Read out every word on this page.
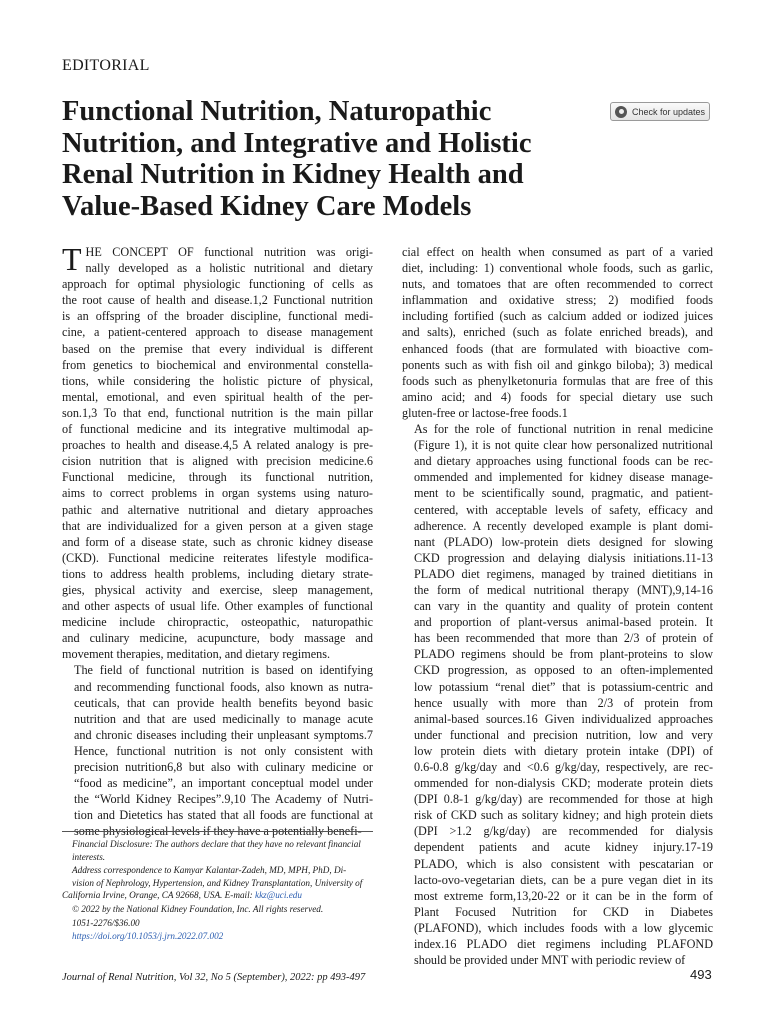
EDITORIAL
Functional Nutrition, Naturopathic
Nutrition, and Integrative and Holistic
Renal Nutrition in Kidney Health and
Value-Based Kidney Care Models
Check for updates

T HE CONCEPT OF functional nutrition was origi-
nally developed as a holistic nutritional and dietary
approach for optimal physiologic functioning of cells as
the root cause of health and disease.1,2 Functional nutrition
is an offspring of the broader discipline, functional medi-
cine, a patient-centered approach to disease management
based on the premise that every individual is different
from genetics to biochemical and environmental constella-
tions, while considering the holistic picture of physical,
mental, emotional, and even spiritual health of the per-
son.1,3 To that end, functional nutrition is the main pillar
of functional medicine and its integrative multimodal ap-
proaches to health and disease.4,5 A related analogy is pre-
cision nutrition that is aligned with precision medicine.6
Functional medicine, through its functional nutrition,
aims to correct problems in organ systems using naturo-
pathic and alternative nutritional and dietary approaches
that are individualized for a given person at a given stage
and form of a disease state, such as chronic kidney disease
(CKD). Functional medicine reiterates lifestyle modifica-
tions to address health problems, including dietary strate-
gies, physical activity and exercise, sleep management,
and other aspects of usual life. Other examples of functional
medicine include chiropractic, osteopathic, naturopathic
and culinary medicine, acupuncture, body massage and
movement therapies, meditation, and dietary regimens.

The field of functional nutrition is based on identifying
and recommending functional foods, also known as nutra-
ceuticals, that can provide health benefits beyond basic
nutrition and that are used medicinally to manage acute
and chronic diseases including their unpleasant symptoms.7
Hence, functional nutrition is not only consistent with
precision nutrition6,8 but also with culinary medicine or
“food as medicine”, an important conceptual model under
the “World Kidney Recipes”.9,10 The Academy of Nutri-
tion and Dietetics has stated that all foods are functional at
some physiological levels if they have a potentially benefi-

cial effect on health when consumed as part of a varied
diet, including: 1) conventional whole foods, such as garlic,
nuts, and tomatoes that are often recommended to correct
inflammation and oxidative stress; 2) modified foods
including fortified (such as calcium added or iodized juices
and salts), enriched (such as folate enriched breads), and
enhanced foods (that are formulated with bioactive com-
ponents such as with fish oil and ginkgo biloba); 3) medical
foods such as phenylketonuria formulas that are free of this
amino acid; and 4) foods for special dietary use such
gluten-free or lactose-free foods.1

As for the role of functional nutrition in renal medicine
(Figure 1), it is not quite clear how personalized nutritional
and dietary approaches using functional foods can be rec-
ommended and implemented for kidney disease manage-
ment to be scientifically sound, pragmatic, and patient-
centered, with acceptable levels of safety, efficacy and
adherence. A recently developed example is plant domi-
nant (PLADO) low-protein diets designed for slowing
CKD progression and delaying dialysis initiations.11-13
PLADO diet regimens, managed by trained dietitians in
the form of medical nutritional therapy (MNT),9,14-16
can vary in the quantity and quality of protein content
and proportion of plant-versus animal-based protein. It
has been recommended that more than 2/3 of protein of
PLADO regimens should be from plant-proteins to slow
CKD progression, as opposed to an often-implemented
low potassium “renal diet” that is potassium-centric and
hence usually with more than 2/3 of protein from
animal-based sources.16 Given individualized approaches
under functional and precision nutrition, low and very
low protein diets with dietary protein intake (DPI) of
0.6-0.8 g/kg/day and <0.6 g/kg/day, respectively, are rec-
ommended for non-dialysis CKD; moderate protein diets
(DPI 0.8-1 g/kg/day) are recommended for those at high
risk of CKD such as solitary kidney; and high protein diets
(DPI >1.2 g/kg/day) are recommended for dialysis
dependent patients and acute kidney injury.17-19
PLADO, which is also consistent with pescatarian or
lacto-ovo-vegetarian diets, can be a pure vegan diet in its
most extreme form,13,20-22 or it can be in the form of
Plant Focused Nutrition for CKD in Diabetes
(PLAFOND), which includes foods with a low glycemic
index.16 PLADO diet regimens including PLAFOND
should be provided under MNT with periodic review of

Financial Disclosure: The authors declare that they have no relevant financial
interests.

Address correspondence to Kamyar Kalantar-Zadeh, MD, MPH, PhD, Di-
vision of Nephrology, Hypertension, and Kidney Transplantation, University of
California Irvine, Orange, CA 92668, USA. E-mail: kkz@uci.edu

© 2022 by the National Kidney Foundation, Inc. All rights reserved.

1051-2276/$36.00

https://doi.org/10.1053/j.jrn.2022.07.002

Journal of Renal Nutrition, Vol 32, No 5 (September), 2022: pp 493-497	493
